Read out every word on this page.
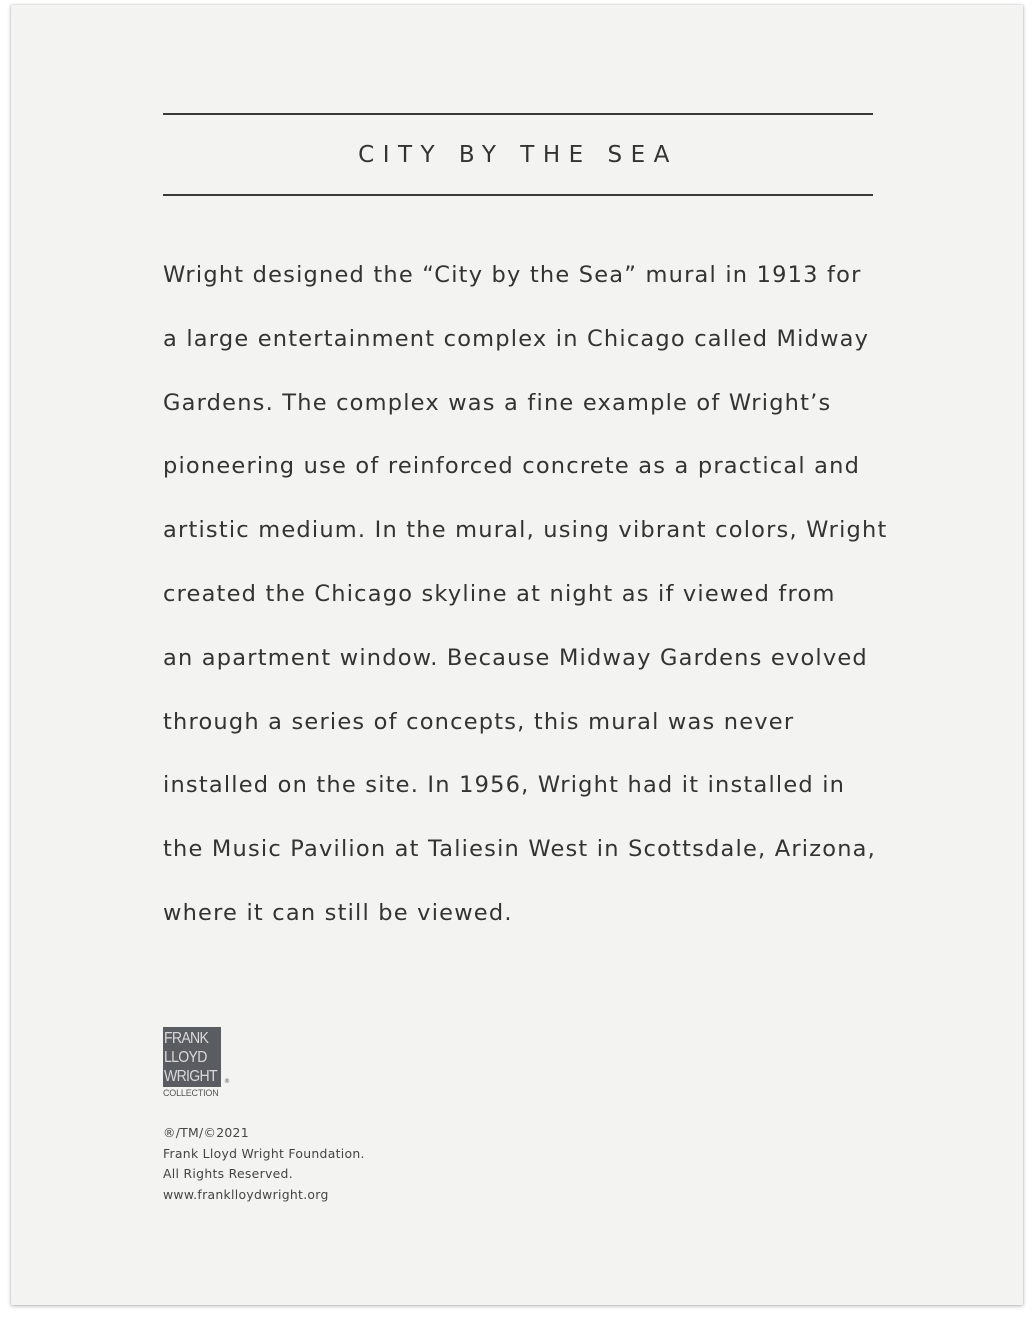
CITY BY THE SEA
Wright designed the “City by the Sea” mural in 1913 for
a large entertainment complex in Chicago called Midway
Gardens. The complex was a fine example of Wright’s
pioneering use of reinforced concrete as a practical and
artistic medium. In the mural, using vibrant colors, Wright
created the Chicago skyline at night as if viewed from
an apartment window. Because Midway Gardens evolved
through a series of concepts, this mural was never
installed on the site. In 1956, Wright had it installed in
the Music Pavilion at Taliesin West in Scottsdale, Arizona,
where it can still be viewed.
FRANK
LLOYD
WRIGHT ®
COLLECTION
®/TM/©2021
Frank Lloyd Wright Foundation.
All Rights Reserved.
www.franklloydwright.org
